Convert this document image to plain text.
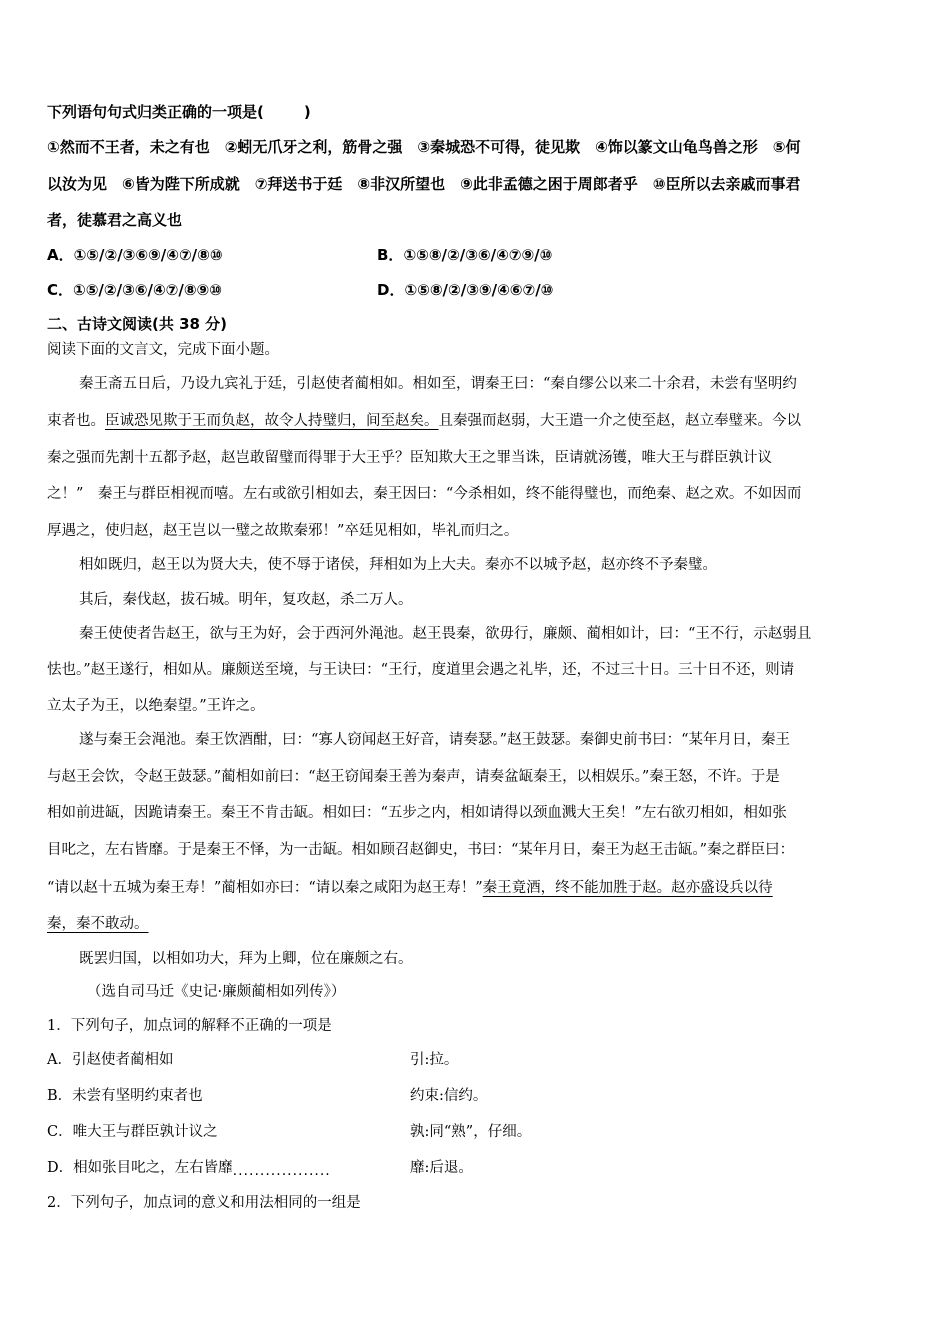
下列语句句式归类正确的一项是(	)
①然而不王者，未之有也　②蚓无爪牙之利，筋骨之强　③秦城恐不可得，徒见欺　④饰以篆文山龟鸟兽之形　⑤何
以汝为见　⑥皆为陛下所成就　⑦拜送书于廷　⑧非汉所望也　⑨此非孟德之困于周郎者乎　⑩臣所以去亲戚而事君
者，徒慕君之高义也
A．①⑤/②/③⑥⑨/④⑦/⑧⑩	B．①⑤⑧/②/③⑥/④⑦⑨/⑩
C．①⑤/②/③⑥/④⑦/⑧⑨⑩	D．①⑤⑧/②/③⑨/④⑥⑦/⑩
二、古诗文阅读(共 38 分)
阅读下面的文言文，完成下面小题。
秦王斋五日后，乃设九宾礼于廷，引赵使者蔺相如。相如至，谓秦王曰：“秦自缪公以来二十余君，未尝有坚明约
束者也。臣诚恐见欺于王而负赵，故令人持璧归，间至赵矣。且秦强而赵弱，大王遣一介之使至赵，赵立奉璧来。今以
秦之强而先割十五都予赵，赵岂敢留璧而得罪于大王乎？臣知欺大王之罪当诛，臣请就汤镬，唯大王与群臣孰计议
之！”　秦王与群臣相视而嘻。左右或欲引相如去，秦王因曰：“今杀相如，终不能得璧也，而绝秦、赵之欢。不如因而
厚遇之，使归赵，赵王岂以一璧之故欺秦邪！”卒廷见相如，毕礼而归之。
相如既归，赵王以为贤大夫，使不辱于诸侯，拜相如为上大夫。秦亦不以城予赵，赵亦终不予秦璧。
其后，秦伐赵，拔石城。明年，复攻赵，杀二万人。
秦王使使者告赵王，欲与王为好，会于西河外渑池。赵王畏秦，欲毋行，廉颇、蔺相如计，曰：“王不行，示赵弱且
怯也。”赵王遂行，相如从。廉颇送至境，与王诀曰：“王行，度道里会遇之礼毕，还，不过三十日。三十日不还，则请
立太子为王，以绝秦望。”王许之。
遂与秦王会渑池。秦王饮酒酣，曰：“寡人窃闻赵王好音，请奏瑟。”赵王鼓瑟。秦御史前书曰：“某年月日，秦王
与赵王会饮，令赵王鼓瑟。”蔺相如前曰：“赵王窃闻秦王善为秦声，请奏盆缻秦王，以相娱乐。”秦王怒，不许。于是
相如前进缻，因跪请秦王。秦王不肯击缻。相如曰：“五步之内，相如请得以颈血溅大王矣！”左右欲刃相如，相如张
目叱之，左右皆靡。于是秦王不怿，为一击缻。相如顾召赵御史，书曰：“某年月日，秦王为赵王击缻。”秦之群臣曰：
“请以赵十五城为秦王寿！”蔺相如亦曰：“请以秦之咸阳为赵王寿！”秦王竟酒，终不能加胜于赵。赵亦盛设兵以待
秦，秦不敢动。
既罢归国，以相如功大，拜为上卿，位在廉颇之右。
（选自司马迁《史记·廉颇蔺相如列传》）
1．下列句子，加点词的解释不正确的一项是
A．引赵使者蔺相如	引:拉。
B．未尝有坚明约束者也	约束:信约。
C．唯大王与群臣孰计议之	孰:同“熟”，仔细。
D．相如张目叱之，左右皆靡..................	靡:后退。
2．下列句子，加点词的意义和用法相同的一组是
